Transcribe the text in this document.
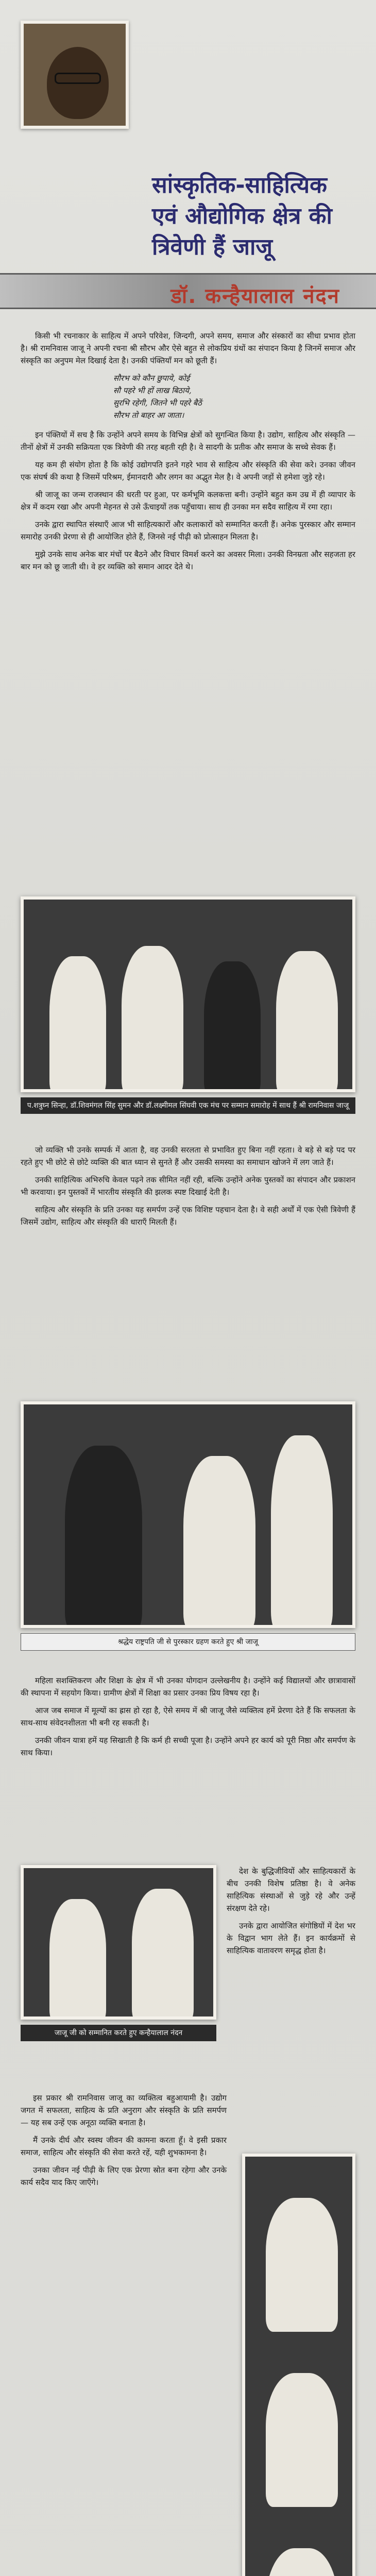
सांस्कृतिक-साहित्यिक
एवं औद्योगिक क्षेत्र की
त्रिवेणी हैं जाजू
डॉ. कन्हैयालाल नंदन

किसी भी रचनाकार के साहित्य में अपने परिवेश, जिन्दगी, अपने समय, समाज और संस्कारों का सीधा प्रभाव होता है। श्री रामनिवास जाजू ने अपनी रचना श्री सौरभ और ऐसे बहुत से लोकप्रिय ग्रंथों का संपादन किया है जिनमें समाज और संस्कृति का अनुपम मेल दिखाई देता है। उनकी पंक्तियाँ मन को छूती हैं।

सौरभ को कौन छुपाये, कोई
सौ पहरे भी हों लाख बिठाये,
सुरभि रहेगी, जितने भी पहरे बैठें
सौरभ तो बाहर आ जाता।

इन पंक्तियों में सच है कि उन्होंने अपने समय के विभिन्न क्षेत्रों को सुगन्धित किया है। उद्योग, साहित्य और संस्कृति — तीनों क्षेत्रों में उनकी सक्रियता एक त्रिवेणी की तरह बहती रही है। वे सादगी के प्रतीक और समाज के सच्चे सेवक हैं।

यह कम ही संयोग होता है कि कोई उद्योगपति इतने गहरे भाव से साहित्य और संस्कृति की सेवा करे। उनका जीवन एक संघर्ष की कथा है जिसमें परिश्रम, ईमानदारी और लगन का अद्भुत मेल है। वे अपनी जड़ों से हमेशा जुड़े रहे।

श्री जाजू का जन्म राजस्थान की धरती पर हुआ, पर कर्मभूमि कलकत्ता बनी। उन्होंने बहुत कम उम्र में ही व्यापार के क्षेत्र में कदम रखा और अपनी मेहनत से उसे ऊँचाइयों तक पहुँचाया। साथ ही उनका मन सदैव साहित्य में रमा रहा।

उनके द्वारा स्थापित संस्थाएँ आज भी साहित्यकारों और कलाकारों को सम्मानित करती हैं। अनेक पुरस्कार और सम्मान समारोह उनकी प्रेरणा से ही आयोजित होते हैं, जिनसे नई पीढ़ी को प्रोत्साहन मिलता है।

मुझे उनके साथ अनेक बार मंचों पर बैठने और विचार विमर्श करने का अवसर मिला। उनकी विनम्रता और सहजता हर बार मन को छू जाती थी। वे हर व्यक्ति को समान आदर देते थे।

प.शत्रुघ्न सिन्हा, डॉ.शिवमंगल सिंह सुमन और डॉ.लक्ष्मीमल सिंघवी एक मंच पर सम्मान समारोह में साथ हैं श्री रामनिवास जाजू

जो व्यक्ति भी उनके सम्पर्क में आता है, वह उनकी सरलता से प्रभावित हुए बिना नहीं रहता। वे बड़े से बड़े पद पर रहते हुए भी छोटे से छोटे व्यक्ति की बात ध्यान से सुनते हैं और उसकी समस्या का समाधान खोजने में लग जाते हैं।

उनकी साहित्यिक अभिरुचि केवल पढ़ने तक सीमित नहीं रही, बल्कि उन्होंने अनेक पुस्तकों का संपादन और प्रकाशन भी करवाया। इन पुस्तकों में भारतीय संस्कृति की झलक स्पष्ट दिखाई देती है।

साहित्य और संस्कृति के प्रति उनका यह समर्पण उन्हें एक विशिष्ट पहचान देता है। वे सही अर्थों में एक ऐसी त्रिवेणी हैं जिसमें उद्योग, साहित्य और संस्कृति की धाराएँ मिलती हैं।

श्रद्धेय राष्ट्रपति जी से पुरस्कार ग्रहण करते हुए श्री जाजू

महिला सशक्तिकरण और शिक्षा के क्षेत्र में भी उनका योगदान उल्लेखनीय है। उन्होंने कई विद्यालयों और छात्रावासों की स्थापना में सहयोग किया। ग्रामीण क्षेत्रों में शिक्षा का प्रसार उनका प्रिय विषय रहा है।

आज जब समाज में मूल्यों का ह्रास हो रहा है, ऐसे समय में श्री जाजू जैसे व्यक्तित्व हमें प्रेरणा देते हैं कि सफलता के साथ-साथ संवेदनशीलता भी बनी रह सकती है।

उनकी जीवन यात्रा हमें यह सिखाती है कि कर्म ही सच्ची पूजा है। उन्होंने अपने हर कार्य को पूरी निष्ठा और समर्पण के साथ किया।

जाजू जी को सम्मानित करते हुए कन्हैयालाल नंदन

देश के बुद्धिजीवियों और साहित्यकारों के बीच उनकी विशेष प्रतिष्ठा है। वे अनेक साहित्यिक संस्थाओं से जुड़े रहे और उन्हें संरक्षण देते रहे।

उनके द्वारा आयोजित संगोष्ठियों में देश भर के विद्वान भाग लेते हैं। इन कार्यक्रमों से साहित्यिक वातावरण समृद्ध होता है।

इस प्रकार श्री रामनिवास जाजू का व्यक्तित्व बहुआयामी है। उद्योग जगत में सफलता, साहित्य के प्रति अनुराग और संस्कृति के प्रति समर्पण — यह सब उन्हें एक अनूठा व्यक्ति बनाता है।

मैं उनके दीर्घ और स्वस्थ जीवन की कामना करता हूँ। वे इसी प्रकार समाज, साहित्य और संस्कृति की सेवा करते रहें, यही शुभकामना है।

उनका जीवन नई पीढ़ी के लिए एक प्रेरणा स्रोत बना रहेगा और उनके कार्य सदैव याद किए जाएँगे।
